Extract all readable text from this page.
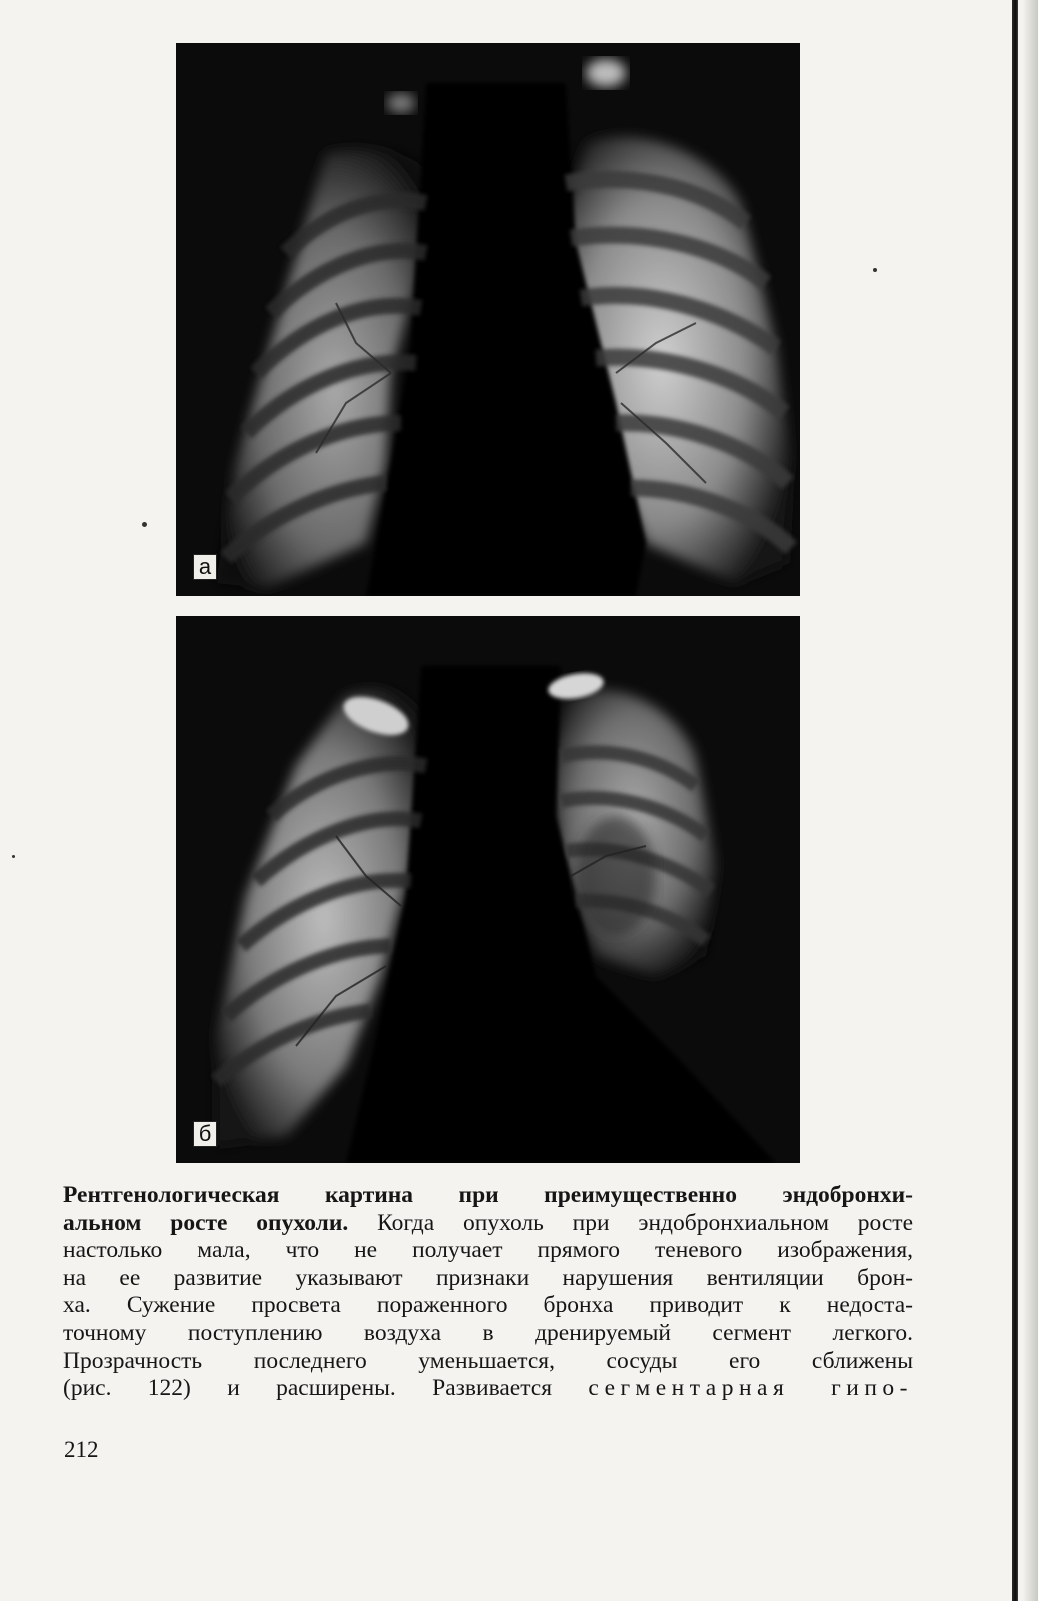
а
б
Рентгенологическая картина при преимущественно эндобронхи-
альном росте опухоли. Когда опухоль при эндобронхиальном росте
настолько мала, что не получает прямого теневого изображения,
на ее развитие указывают признаки нарушения вентиляции брон-
ха. Сужение просвета пораженного бронха приводит к недоста-
точному поступлению воздуха в дренируемый сегмент легкого.
Прозрачность последнего уменьшается, сосуды его сближены
(рис. 122) и расширены. Развивается сегментарная гипо-
212
